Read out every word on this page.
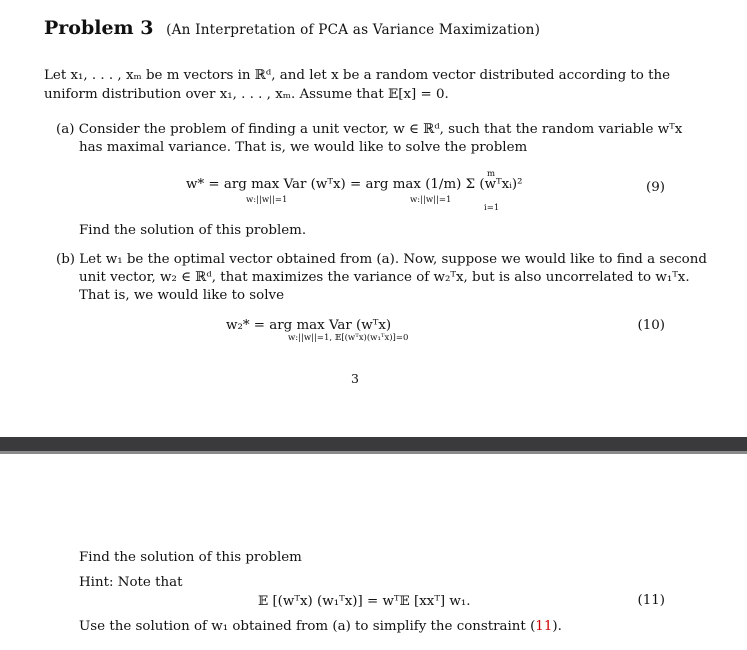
Problem 3 (An Interpretation of PCA as Variance Maximization)
Let x₁, . . . , xₘ be m vectors in ℝᵈ, and let x be a random vector distributed according to the
uniform distribution over x₁, . . . , xₘ. Assume that 𝔼[x] = 0.
(a) Consider the problem of finding a unit vector, w ∈ ℝᵈ, such that the random variable wᵀx
has maximal variance. That is, we would like to solve the problem
w* = arg max Var (wᵀx) = arg max (1/m) Σ (wᵀxᵢ)²
w:||w||=1	w:||w||=1
m
i=1
(9)
Find the solution of this problem.
(b) Let w₁ be the optimal vector obtained from (a). Now, suppose we would like to find a second
unit vector, w₂ ∈ ℝᵈ, that maximizes the variance of w₂ᵀx, but is also uncorrelated to w₁ᵀx.
That is, we would like to solve
w₂* = arg max Var (wᵀx)
w:||w||=1, 𝔼[(wᵀx)(w₁ᵀx)]=0
(10)
3
Find the solution of this problem
Hint: Note that
𝔼 [(wᵀx) (w₁ᵀx)] = wᵀ𝔼 [xxᵀ] w₁.	(11)
Use the solution of w₁ obtained from (a) to simplify the constraint (11).
